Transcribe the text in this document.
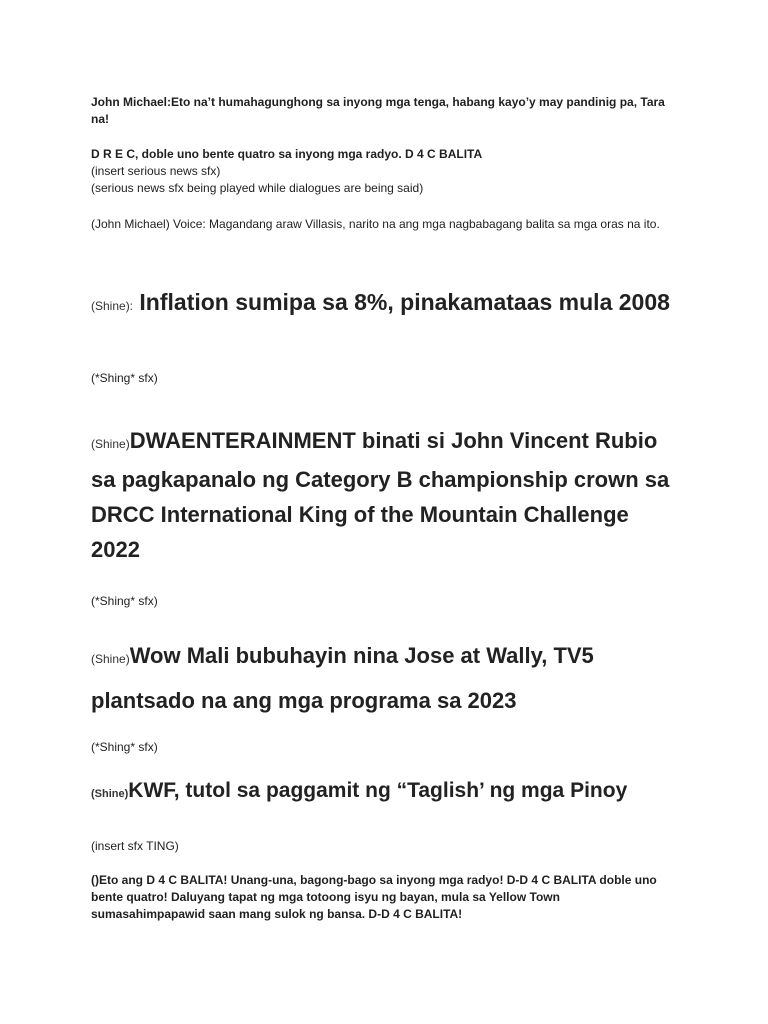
John Michael:Eto na’t humahagunghong sa inyong mga tenga, habang kayo’y may pandinig pa, Tara na!

D R E C, doble uno bente quatro sa inyong mga radyo. D 4 C BALITA
(insert serious news sfx)
(serious news sfx being played while dialogues are being said)

(John Michael) Voice: Magandang araw Villasis, narito na ang mga nagbabagang balita sa mga oras na ito.

(Shine): Inflation sumipa sa 8%, pinakamataas mula 2008

(*Shing* sfx)

(Shine)DWAENTERAINMENT binati si John Vincent Rubio sa pagkapanalo ng Category B championship crown sa DRCC International King of the Mountain Challenge 2022

(*Shing* sfx)

(Shine)Wow Mali bubuhayin nina Jose at Wally, TV5 plantsado na ang mga programa sa 2023

(*Shing* sfx)

(Shine)KWF, tutol sa paggamit ng “Taglish’ ng mga Pinoy

(insert sfx TING)

()Eto ang D 4 C BALITA! Unang-una, bagong-bago sa inyong mga radyo! D-D 4 C BALITA doble uno bente quatro! Daluyang tapat ng mga totoong isyu ng bayan, mula sa Yellow Town sumasahimpapawid saan mang sulok ng bansa. D-D 4 C BALITA!
